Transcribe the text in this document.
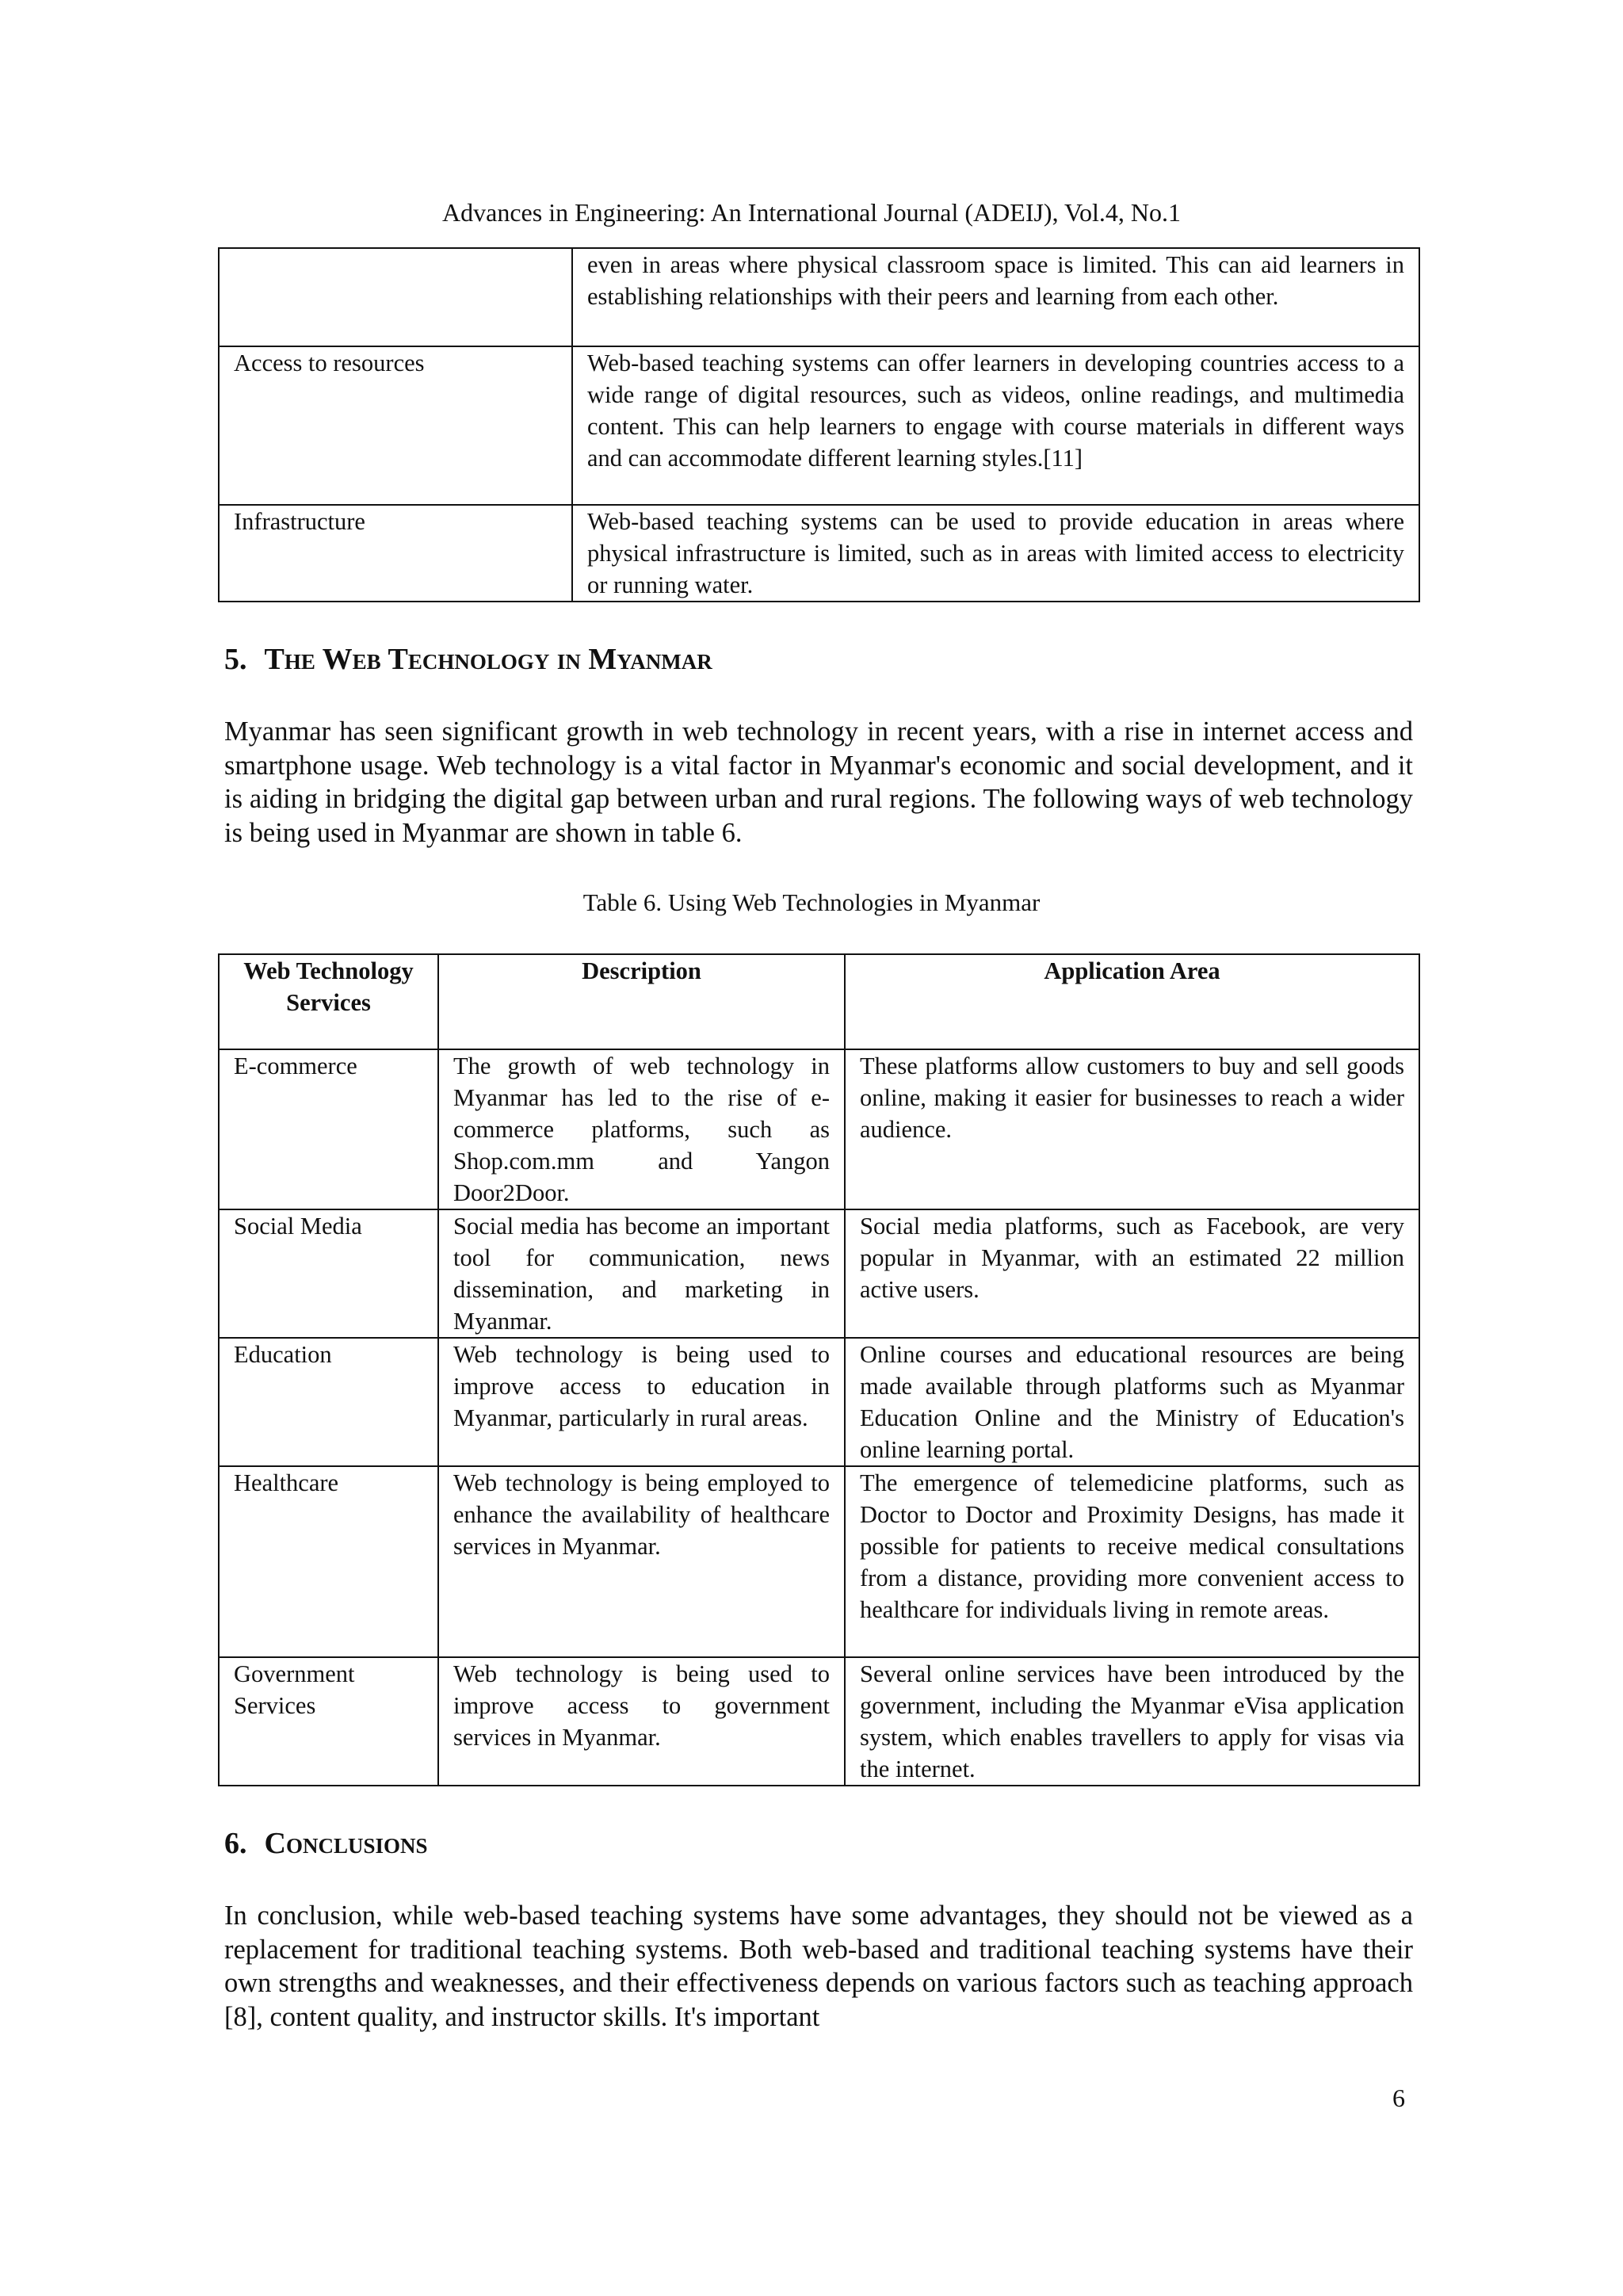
Advances in Engineering: An International Journal (ADEIJ), Vol.4, No.1
	even in areas where physical classroom space is limited. This can aid learners in establishing relationships with their peers and learning from each other.
Access to resources	Web-based teaching systems can offer learners in developing countries access to a wide range of digital resources, such as videos, online readings, and multimedia content. This can help learners to engage with course materials in different ways and can accommodate different learning styles.[11]
Infrastructure	Web-based teaching systems can be used to provide education in areas where physical infrastructure is limited, such as in areas with limited access to electricity or running water.
5. The Web Technology in Myanmar

Myanmar has seen significant growth in web technology in recent years, with a rise in internet access and smartphone usage. Web technology is a vital factor in Myanmar's economic and social development, and it is aiding in bridging the digital gap between urban and rural regions. The following ways of web technology is being used in Myanmar are shown in table 6.

Table 6. Using Web Technologies in Myanmar

Web Technology Services	Description	Application Area
E-commerce	The growth of web technology in Myanmar has led to the rise of e-commerce platforms, such as Shop.com.mm and Yangon Door2Door.	These platforms allow customers to buy and sell goods online, making it easier for businesses to reach a wider audience.
Social Media	Social media has become an important tool for communication, news dissemination, and marketing in Myanmar.	Social media platforms, such as Facebook, are very popular in Myanmar, with an estimated 22 million active users.
Education	Web technology is being used to improve access to education in Myanmar, particularly in rural areas.	Online courses and educational resources are being made available through platforms such as Myanmar Education Online and the Ministry of Education's online learning portal.
Healthcare	Web technology is being employed to enhance the availability of healthcare services in Myanmar.	The emergence of telemedicine platforms, such as Doctor to Doctor and Proximity Designs, has made it possible for patients to receive medical consultations from a distance, providing more convenient access to healthcare for individuals living in remote areas.
Government Services	Web technology is being used to improve access to government services in Myanmar.	Several online services have been introduced by the government, including the Myanmar eVisa application system, which enables travellers to apply for visas via the internet.
6. Conclusions

In conclusion, while web-based teaching systems have some advantages, they should not be viewed as a replacement for traditional teaching systems. Both web-based and traditional teaching systems have their own strengths and weaknesses, and their effectiveness depends on various factors such as teaching approach [8], content quality, and instructor skills. It's important

6
